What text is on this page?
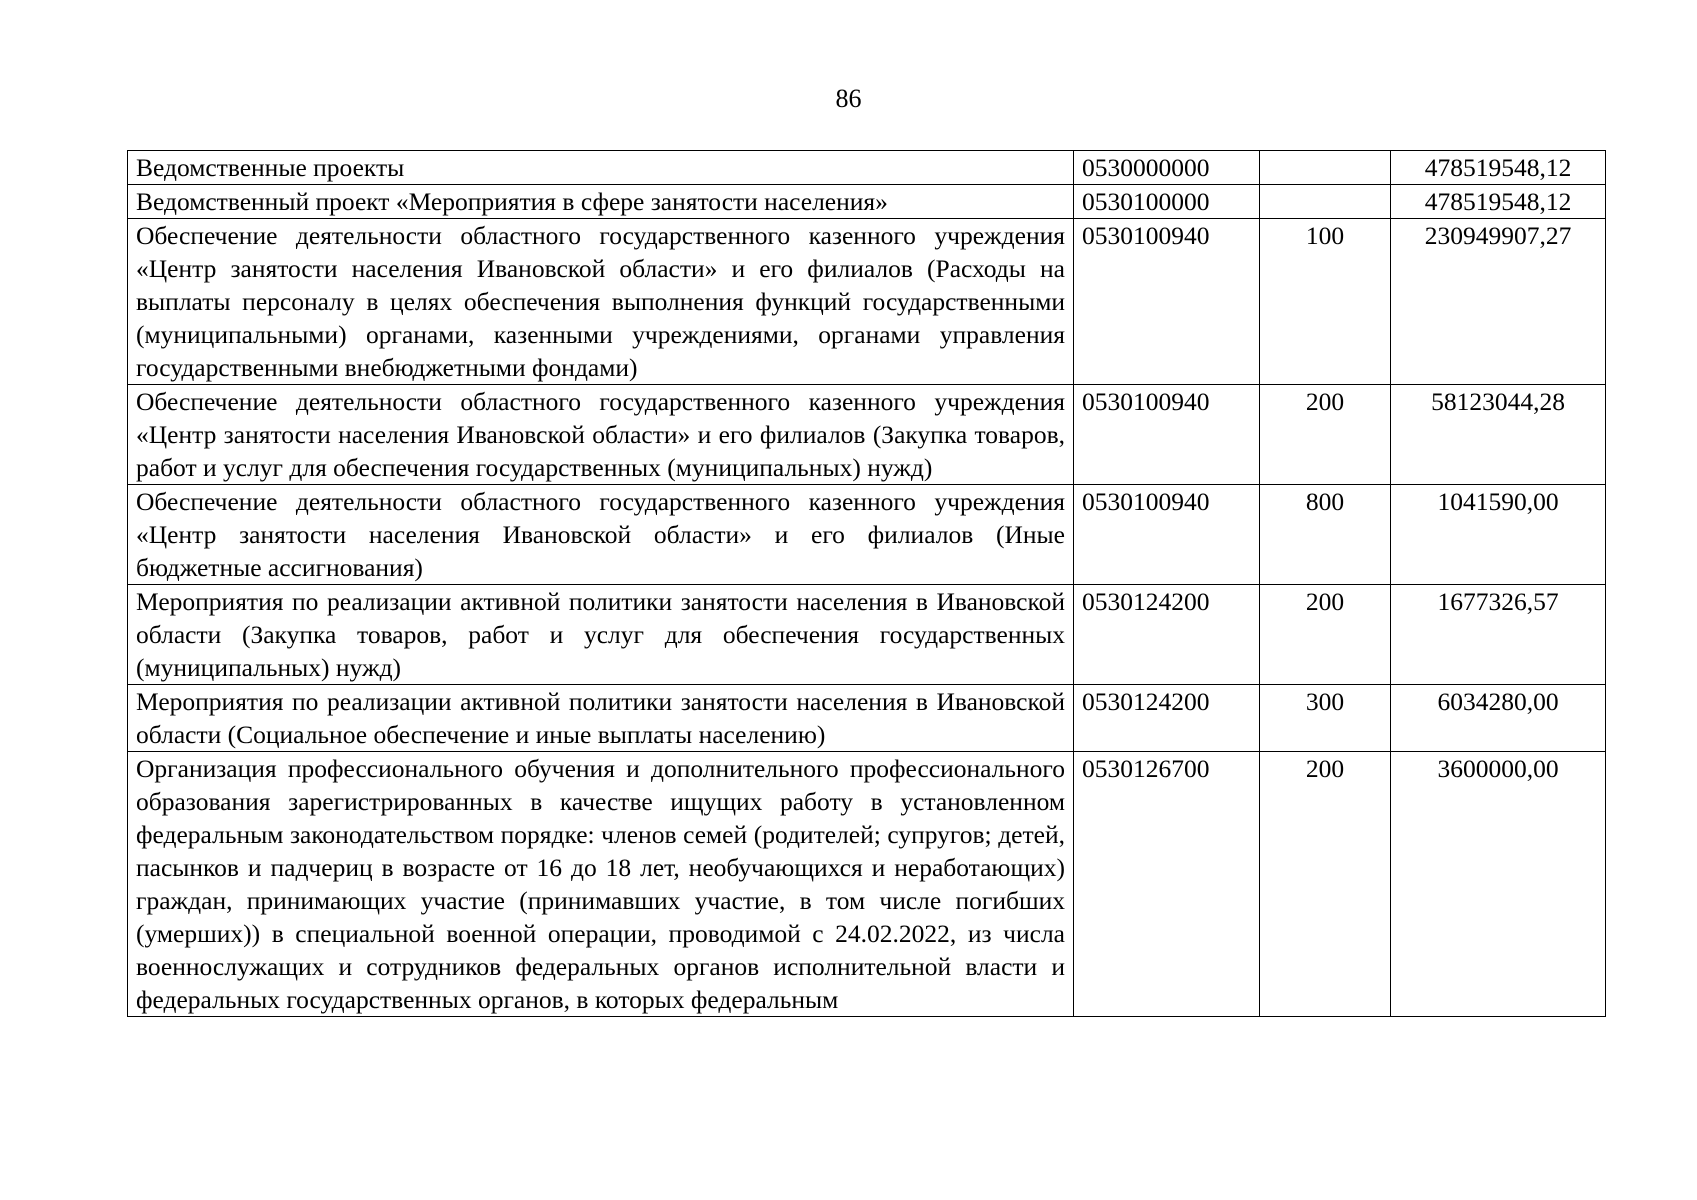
86
Ведомственные проекты	0530000000		478519548,12
Ведомственный проект «Мероприятия в сфере занятости населения»	0530100000		478519548,12
Обеспечение деятельности областного государственного казенного учреждения «Центр занятости населения Ивановской области» и его филиалов (Расходы на выплаты персоналу в целях обеспечения выполнения функций государственными (муниципальными) органами, казенными учреждениями, органами управления государственными внебюджетными фондами)	0530100940	100	230949907,27
Обеспечение деятельности областного государственного казенного учреждения «Центр занятости населения Ивановской области» и его филиалов (Закупка товаров, работ и услуг для обеспечения государственных (муниципальных) нужд)	0530100940	200	58123044,28
Обеспечение деятельности областного государственного казенного учреждения «Центр занятости населения Ивановской области» и его филиалов (Иные бюджетные ассигнования)	0530100940	800	1041590,00
Мероприятия по реализации активной политики занятости населения в Ивановской области (Закупка товаров, работ и услуг для обеспечения государственных (муниципальных) нужд)	0530124200	200	1677326,57
Мероприятия по реализации активной политики занятости населения в Ивановской области (Социальное обеспечение и иные выплаты населению)	0530124200	300	6034280,00
Организация профессионального обучения и дополнительного профессионального образования зарегистрированных в качестве ищущих работу в установленном федеральным законодательством порядке: членов семей (родителей; супругов; детей, пасынков и падчериц в возрасте от 16 до 18 лет, необучающихся и неработающих) граждан, принимающих участие (принимавших участие, в том числе погибших (умерших)) в специальной военной операции, проводимой с 24.02.2022, из числа военнослужащих и сотрудников федеральных органов исполнительной власти и федеральных государственных органов, в которых федеральным	0530126700	200	3600000,00
